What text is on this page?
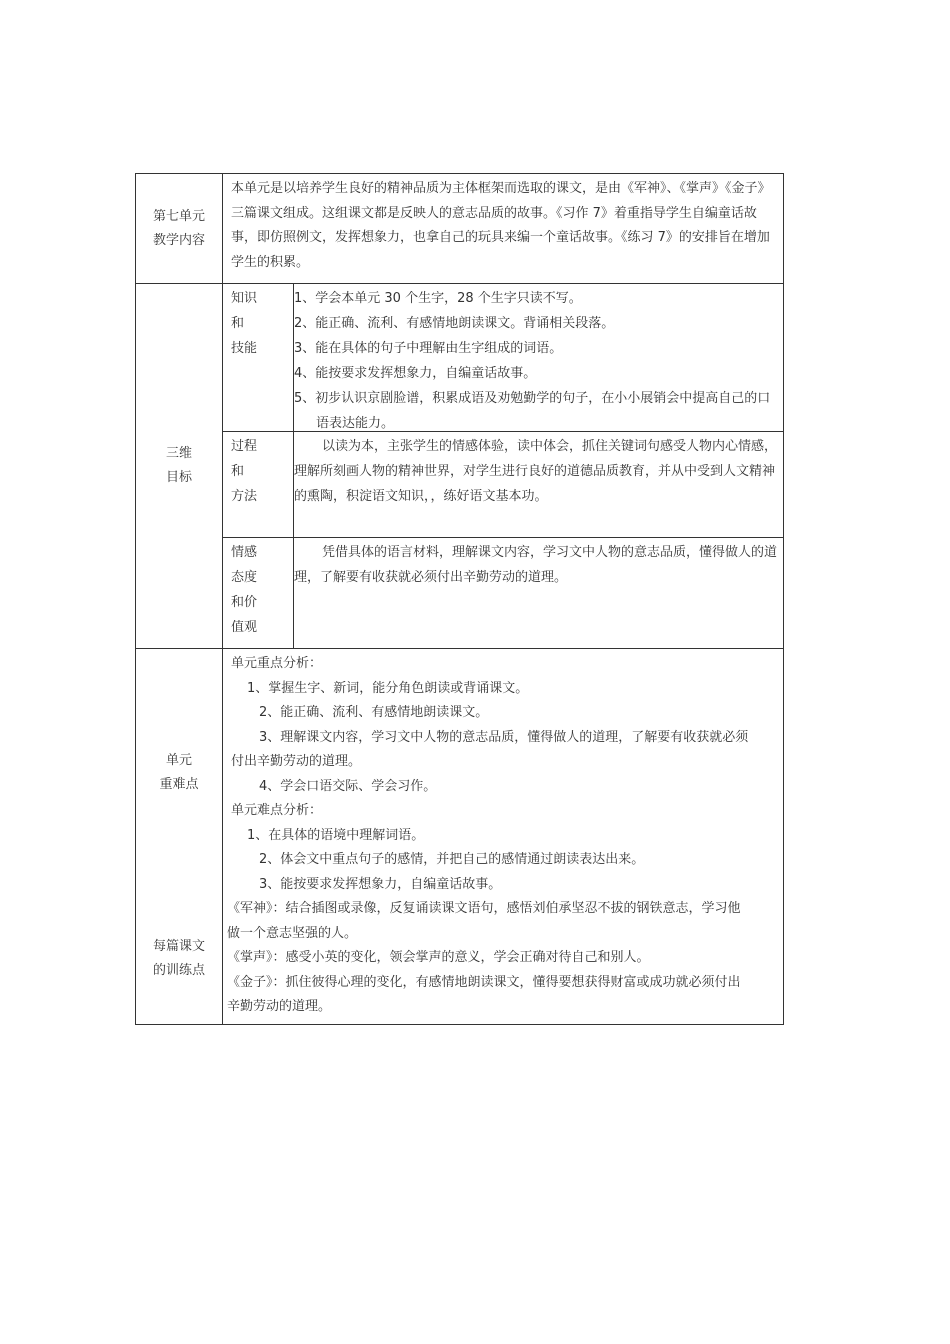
第七单元
教学内容
本单元是以培养学生良好的精神品质为主体框架而选取的课文，是由《军神》、《掌声》《金子》三篇课文组成。这组课文都是反映人的意志品质的故事。《习作 7》着重指导学生自编童话故事，即仿照例文，发挥想象力，也拿自己的玩具来编一个童话故事。《练习 7》的安排旨在增加学生的积累。
三维
目标
知识
和
技能
1、学会本单元 30 个生字，28 个生字只读不写。
2、能正确、流利、有感情地朗读课文。背诵相关段落。
3、能在具体的句子中理解由生字组成的词语。
4、能按要求发挥想象力，自编童话故事。
5、初步认识京剧脸谱，积累成语及劝勉勤学的句子，在小小展销会中提高自己的口语表达能力。
过程
和
方法
以读为本，主张学生的情感体验，读中体会，抓住关键词句感受人物内心情感，理解所刻画人物的精神世界，对学生进行良好的道德品质教育，并从中受到人文精神的熏陶，积淀语文知识，，练好语文基本功。
情感
态度
和价
值观
凭借具体的语言材料，理解课文内容，学习文中人物的意志品质，懂得做人的道理，了解要有收获就必须付出辛勤劳动的道理。
单元
重难点
每篇课文
的训练点
单元重点分析：
1、掌握生字、新词，能分角色朗读或背诵课文。
2、能正确、流利、有感情地朗读课文。
3、理解课文内容，学习文中人物的意志品质，懂得做人的道理，了解要有收获就必须
付出辛勤劳动的道理。
4、学会口语交际、学会习作。
单元难点分析：
1、在具体的语境中理解词语。
2、体会文中重点句子的感情，并把自己的感情通过朗读表达出来。
3、能按要求发挥想象力，自编童话故事。
《军神》：结合插图或录像，反复诵读课文语句，感悟刘伯承坚忍不拔的钢铁意志，学习他
做一个意志坚强的人。
《掌声》：感受小英的变化，领会掌声的意义，学会正确对待自己和别人。
《金子》：抓住彼得心理的变化，有感情地朗读课文，懂得要想获得财富或成功就必须付出
辛勤劳动的道理。
